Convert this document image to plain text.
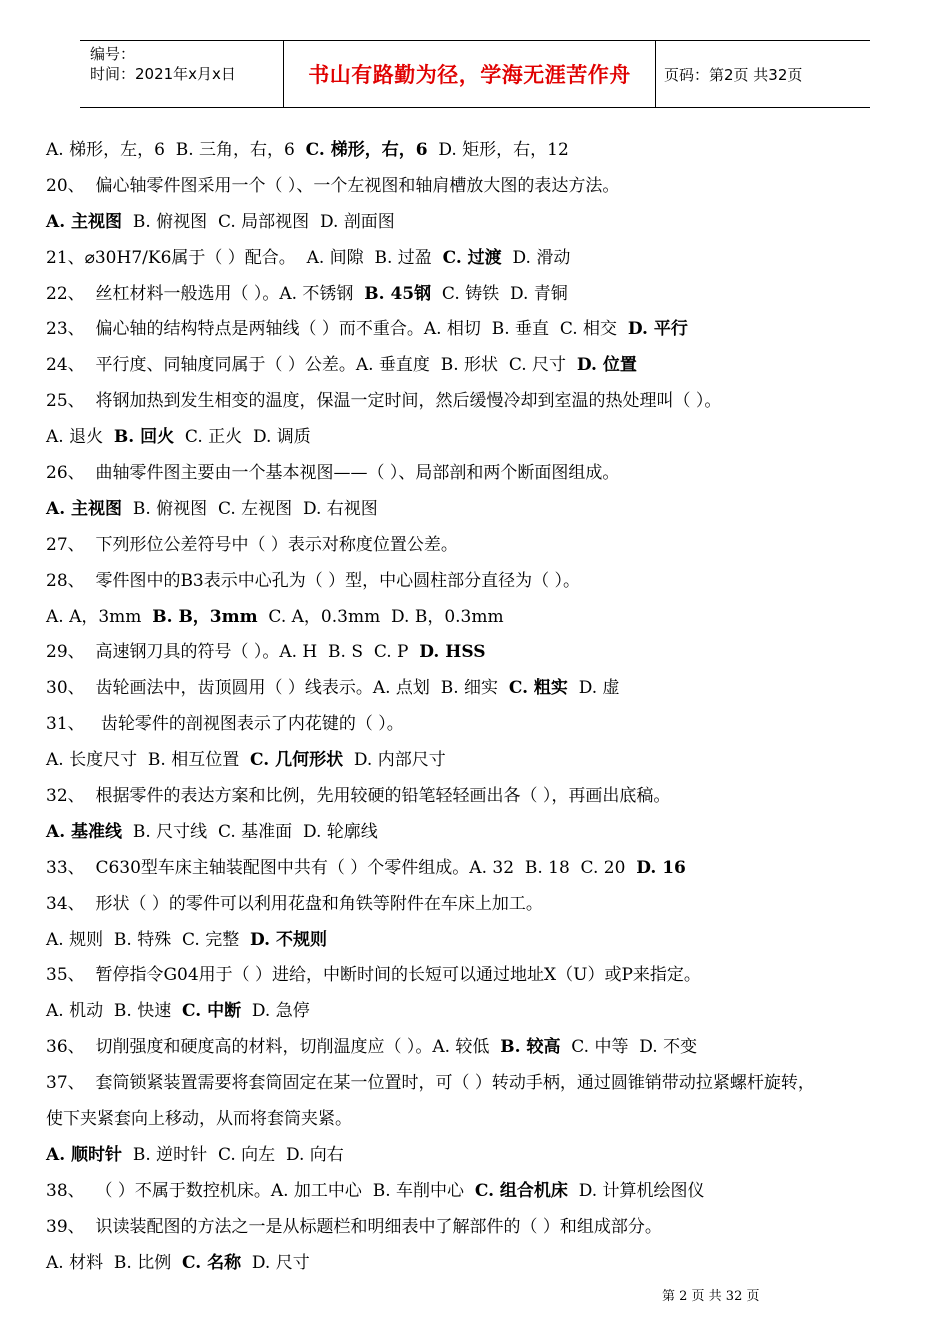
编号：
时间：2021年x月x日	书山有路勤为径，学海无涯苦作舟	页码：第2页 共32页
A. 梯形，左，6  B. 三角，右，6  C. 梯形，右，6  D. 矩形，右，12
20、  偏心轴零件图采用一个（ ）、一个左视图和轴肩槽放大图的表达方法。
A. 主视图  B. 俯视图  C. 局部视图  D. 剖面图
21、⌀30H7/K6属于（ ）配合。  A. 间隙  B. 过盈  C. 过渡  D. 滑动
22、  丝杠材料一般选用（ ）。A. 不锈钢  B. 45钢  C. 铸铁  D. 青铜
23、  偏心轴的结构特点是两轴线（ ）而不重合。A. 相切  B. 垂直  C. 相交  D. 平行
24、  平行度、同轴度同属于（ ）公差。A. 垂直度  B. 形状  C. 尺寸  D. 位置
25、  将钢加热到发生相变的温度，保温一定时间，然后缓慢冷却到室温的热处理叫（ ）。
A. 退火  B. 回火  C. 正火  D. 调质
26、  曲轴零件图主要由一个基本视图——（ ）、局部剖和两个断面图组成。
A. 主视图  B. 俯视图  C. 左视图  D. 右视图
27、  下列形位公差符号中（ ）表示对称度位置公差。
28、  零件图中的B3表示中心孔为（ ）型，中心圆柱部分直径为（ ）。
A. A，3mm  B. B，3mm  C. A，0.3mm  D. B，0.3mm
29、  高速钢刀具的符号（ ）。A. H  B. S  C. P  D. HSS
30、  齿轮画法中，齿顶圆用（ ）线表示。A. 点划  B. 细实  C. 粗实  D. 虚
31、   齿轮零件的剖视图表示了内花键的（ ）。
A. 长度尺寸  B. 相互位置  C. 几何形状  D. 内部尺寸
32、  根据零件的表达方案和比例，先用较硬的铅笔轻轻画出各（ ），再画出底稿。
A. 基准线  B. 尺寸线  C. 基准面  D. 轮廓线
33、  C630型车床主轴装配图中共有（ ）个零件组成。A. 32  B. 18  C. 20  D. 16
34、  形状（ ）的零件可以利用花盘和角铁等附件在车床上加工。
A. 规则  B. 特殊  C. 完整  D. 不规则
35、  暂停指令G04用于（ ）进给，中断时间的长短可以通过地址X（U）或P来指定。
A. 机动  B. 快速  C. 中断  D. 急停
36、  切削强度和硬度高的材料，切削温度应（ ）。A. 较低  B. 较高  C. 中等  D. 不变
37、  套筒锁紧装置需要将套筒固定在某一位置时，可（ ）转动手柄，通过圆锥销带动拉紧螺杆旋转，
使下夹紧套向上移动，从而将套筒夹紧。
A. 顺时针  B. 逆时针  C. 向左  D. 向右
38、  （ ）不属于数控机床。A. 加工中心  B. 车削中心  C. 组合机床  D. 计算机绘图仪
39、  识读装配图的方法之一是从标题栏和明细表中了解部件的（ ）和组成部分。
A. 材料  B. 比例  C. 名称  D. 尺寸
第 2 页 共 32 页
